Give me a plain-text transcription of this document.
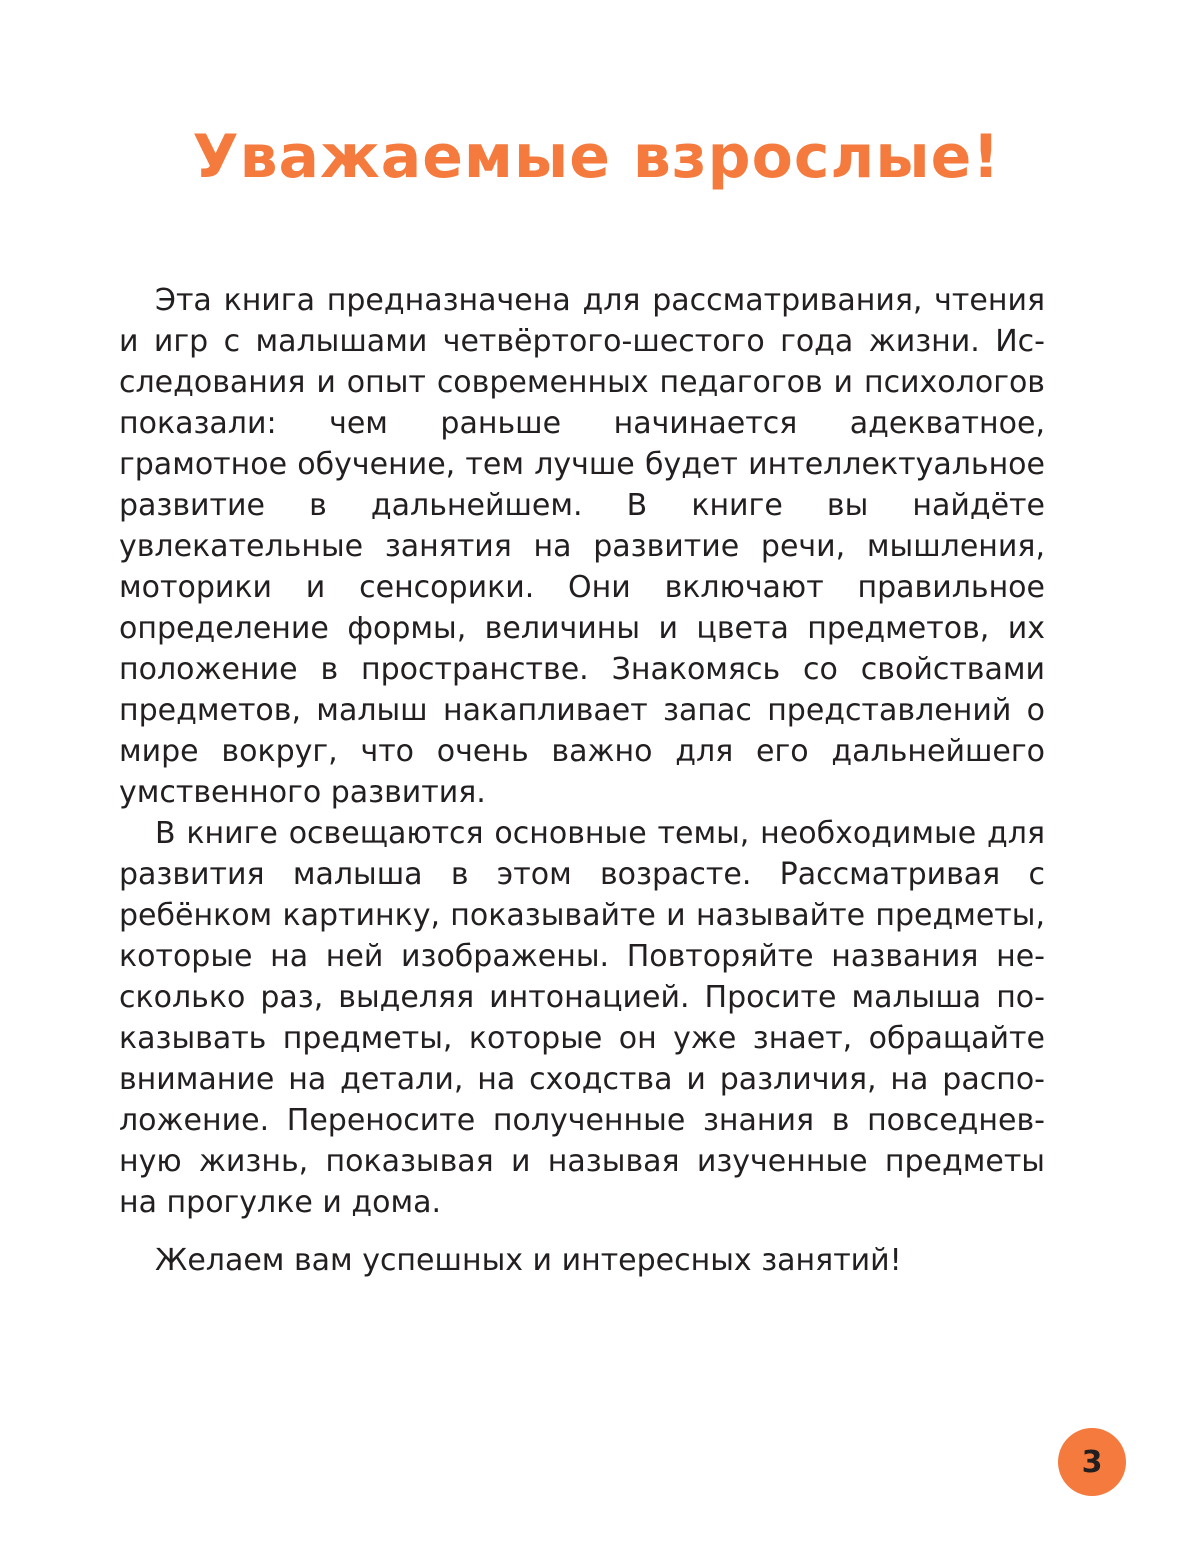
Уважаемые взрослые!

Эта книга предназначена для рассматривания, чтения и игр с малышами четвёртого-шестого года жизни. Исследования и опыт современных педагогов и психологов показали: чем раньше начинается адекватное, грамотное обучение, тем лучше будет интеллектуальное развитие в дальнейшем. В книге вы найдёте увлекательные занятия на развитие речи, мышления, моторики и сенсорики. Они включают правильное определение формы, величины и цвета предметов, их положение в пространстве. Знакомясь со свойствами предметов, малыш накапливает запас представлений о мире вокруг, что очень важно для его дальнейшего умственного развития.

В книге освещаются основные темы, необходимые для развития малыша в этом возрасте. Рассматривая с ребёнком картинку, показывайте и называйте предметы, которые на ней изображены. Повторяйте названия несколько раз, выделяя интонацией. Просите малыша показывать предметы, которые он уже знает, обращайте внимание на детали, на сходства и различия, на расположение. Переносите полученные знания в повседневную жизнь, показывая и называя изученные предметы на прогулке и дома.

Желаем вам успешных и интересных занятий!

3
